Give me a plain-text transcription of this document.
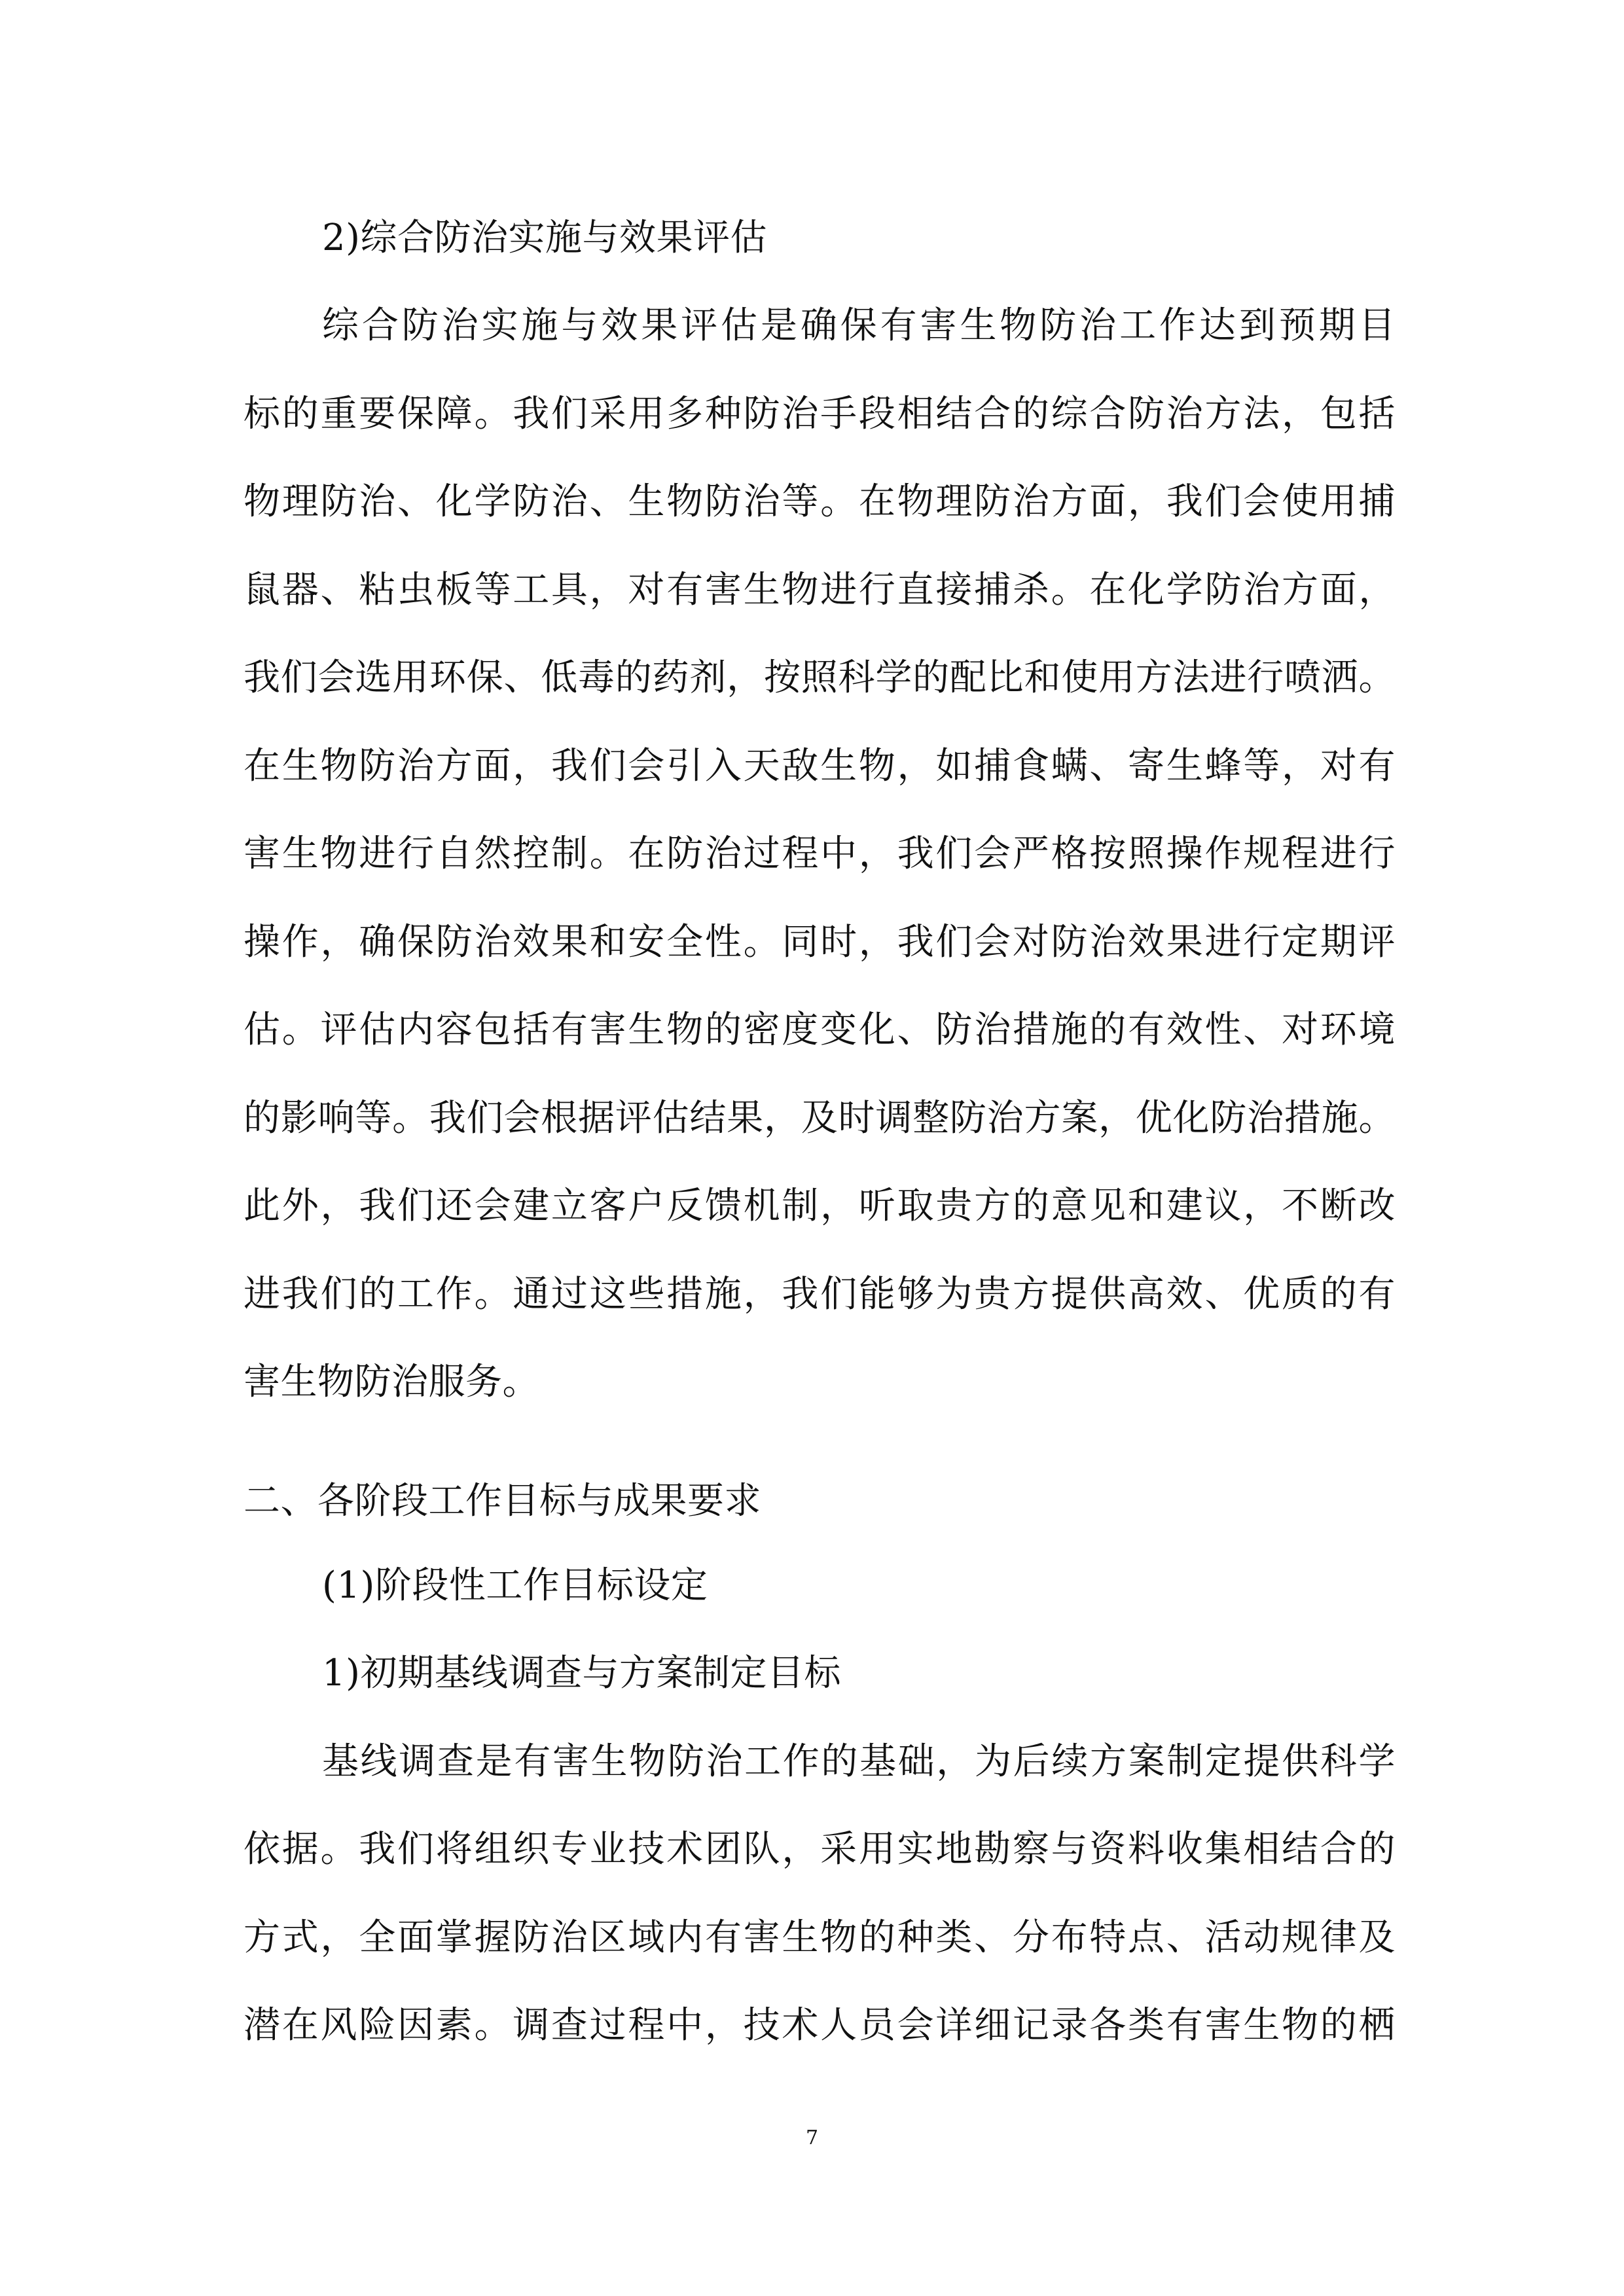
2)综合防治实施与效果评估
综合防治实施与效果评估是确保有害生物防治工作达到预期目
标的重要保障。我们采用多种防治手段相结合的综合防治方法，包括
物理防治、化学防治、生物防治等。在物理防治方面，我们会使用捕
鼠器、粘虫板等工具，对有害生物进行直接捕杀。在化学防治方面，
我们会选用环保、低毒的药剂，按照科学的配比和使用方法进行喷洒。
在生物防治方面，我们会引入天敌生物，如捕食螨、寄生蜂等，对有
害生物进行自然控制。在防治过程中，我们会严格按照操作规程进行
操作，确保防治效果和安全性。同时，我们会对防治效果进行定期评
估。评估内容包括有害生物的密度变化、防治措施的有效性、对环境
的影响等。我们会根据评估结果，及时调整防治方案，优化防治措施。
此外，我们还会建立客户反馈机制，听取贵方的意见和建议，不断改
进我们的工作。通过这些措施，我们能够为贵方提供高效、优质的有
害生物防治服务。
二、各阶段工作目标与成果要求
(1)阶段性工作目标设定
1)初期基线调查与方案制定目标
基线调查是有害生物防治工作的基础，为后续方案制定提供科学
依据。我们将组织专业技术团队，采用实地勘察与资料收集相结合的
方式，全面掌握防治区域内有害生物的种类、分布特点、活动规律及
潜在风险因素。调查过程中，技术人员会详细记录各类有害生物的栖
7
